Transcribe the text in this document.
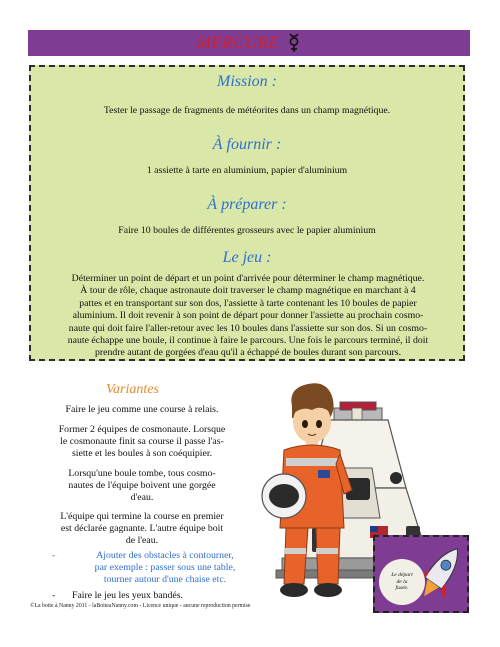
MERCURE
Mission :
Tester le passage de fragments de météorites dans un champ magnétique.
À fournir :
1 assiette à tarte en aluminium, papier d'aluminium
À préparer :
Faire 10 boules de différentes grosseurs avec le papier aluminium
Le jeu :
Déterminer un point de départ et un point d'arrivée pour déterminer le champ magnétique.
À tour de rôle, chaque astronaute doit traverser le champ magnétique en marchant à 4
pattes et en transportant sur son dos, l'assiette à tarte contenant les 10 boules de papier
aluminium. Il doit revenir à son point de départ pour donner l'assiette au prochain cosmo-
naute qui doit faire l'aller-retour avec les 10 boules dans l'assiette sur son dos. Si un cosmo-
naute échappe une boule, il continue à faire le parcours. Une fois le parcours terminé, il doit
prendre autant de gorgées d'eau qu'il a échappé de boules durant son parcours.
Variantes
Faire le jeu comme une course à relais.
Former 2 équipes de cosmonaute. Lorsque
le cosmonaute finit sa course il passe l'as-
siette et les boules à son coéquipier.
Lorsqu'une boule tombe, tous cosmo-
nautes de l'équipe boivent une gorgée
d'eau.
L'équipe qui termine la course en premier
est déclarée gagnante. L'autre équipe boit
de l'eau.
-	Ajouter des obstacles à contourner,
par exemple : passer sous une table,
tourner autour d'une chaise etc.
-	Faire le jeu les yeux bandés.
Le départ
de la
fusée.
©La boite à Nanny 2011 - laBoiteaNanny.com - Licence unique - aucune reproduction permise
